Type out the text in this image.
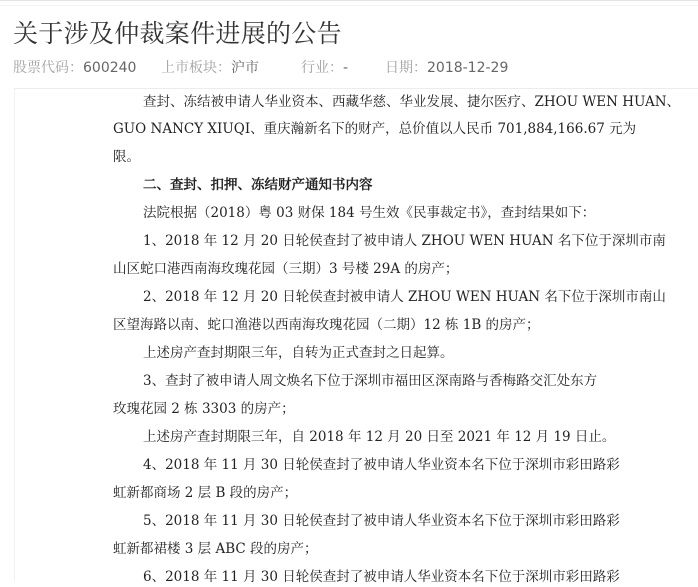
关于涉及仲裁案件进展的公告
股票代码：600240	上市板块：沪市	行业：-	日期：2018-12-29
查封、冻结被申请人华业资本、西藏华慈、华业发展、捷尔医疗、ZHOU WEN HUAN、
GUO NANCY XIUQI、重庆瀚新名下的财产，总价值以人民币 701,884,166.67 元为
限。
二、查封、扣押、冻结财产通知书内容
法院根据（2018）粤 03 财保 184 号生效《民事裁定书》，查封结果如下：
1、2018 年 12 月 20 日轮侯查封了被申请人 ZHOU WEN HUAN 名下位于深圳市南
山区蛇口港西南海玫瑰花园（三期）3 号楼 29A 的房产；
2、2018 年 12 月 20 日轮侯查封被申请人 ZHOU WEN HUAN 名下位于深圳市南山
区望海路以南、蛇口渔港以西南海玫瑰花园（二期）12 栋 1B 的房产；
上述房产查封期限三年，自转为正式查封之日起算。
3、查封了被申请人周文焕名下位于深圳市福田区深南路与香梅路交汇处东方
玫瑰花园 2 栋 3303 的房产；
上述房产查封期限三年，自 2018 年 12 月 20 日至 2021 年 12 月 19 日止。
4、2018 年 11 月 30 日轮侯查封了被申请人华业资本名下位于深圳市彩田路彩
虹新都商场 2 层 B 段的房产；
5、2018 年 11 月 30 日轮侯查封了被申请人华业资本名下位于深圳市彩田路彩
虹新都裙楼 3 层 ABC 段的房产；
6、2018 年 11 月 30 日轮侯查封了被申请人华业资本名下位于深圳市彩田路彩
